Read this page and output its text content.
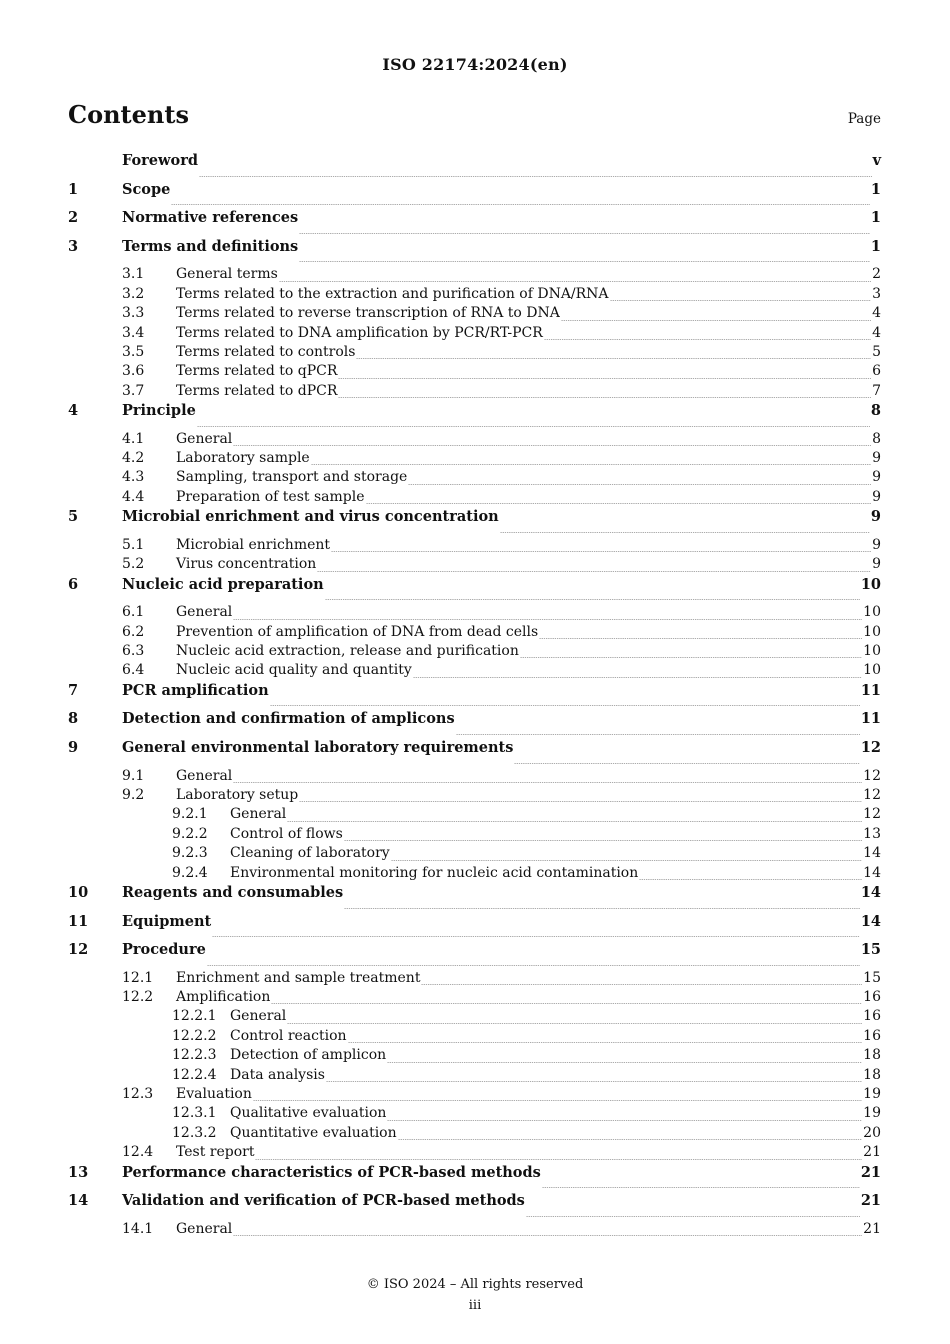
ISO 22174:2024(en)
Contents	Page
Foreword	v
1	Scope	1
2	Normative references	1
3	Terms and definitions	1
3.1	General terms	2
3.2	Terms related to the extraction and purification of DNA/RNA	3
3.3	Terms related to reverse transcription of RNA to DNA	4
3.4	Terms related to DNA amplification by PCR/RT-PCR	4
3.5	Terms related to controls	5
3.6	Terms related to qPCR	6
3.7	Terms related to dPCR	7
4	Principle	8
4.1	General	8
4.2	Laboratory sample	9
4.3	Sampling, transport and storage	9
4.4	Preparation of test sample	9
5	Microbial enrichment and virus concentration	9
5.1	Microbial enrichment	9
5.2	Virus concentration	9
6	Nucleic acid preparation	10
6.1	General	10
6.2	Prevention of amplification of DNA from dead cells	10
6.3	Nucleic acid extraction, release and purification	10
6.4	Nucleic acid quality and quantity	10
7	PCR amplification	11
8	Detection and confirmation of amplicons	11
9	General environmental laboratory requirements	12
9.1	General	12
9.2	Laboratory setup	12
9.2.1	General	12
9.2.2	Control of flows	13
9.2.3	Cleaning of laboratory	14
9.2.4	Environmental monitoring for nucleic acid contamination	14
10	Reagents and consumables	14
11	Equipment	14
12	Procedure	15
12.1	Enrichment and sample treatment	15
12.2	Amplification	16
12.2.1 General	16
12.2.2 Control reaction	16
12.2.3 Detection of amplicon	18
12.2.4 Data analysis	18
12.3	Evaluation	19
12.3.1 Qualitative evaluation	19
12.3.2 Quantitative evaluation	20
12.4	Test report	21
13	Performance characteristics of PCR-based methods	21
14	Validation and verification of PCR-based methods	21
14.1	General	21
© ISO 2024 – All rights reserved
iii
